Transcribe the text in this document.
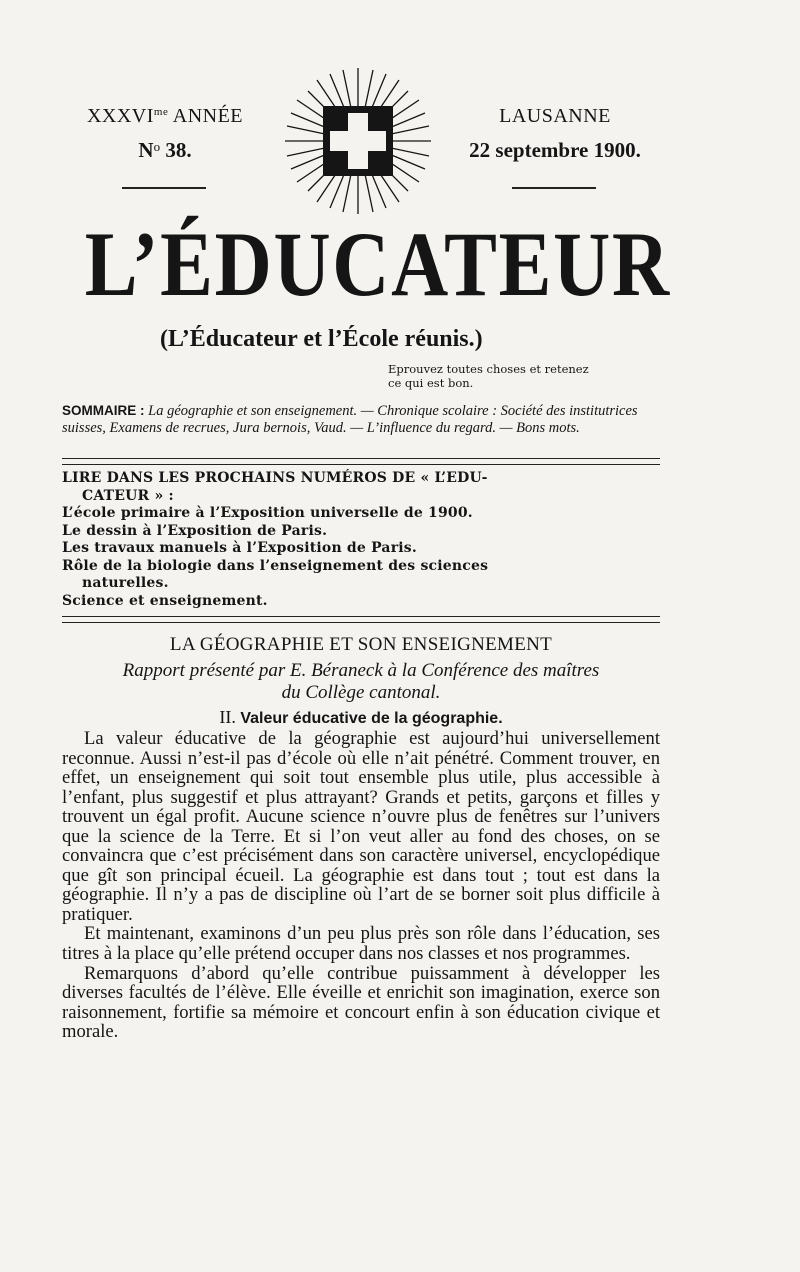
$XXXVI^{me}$ ANNÉE
$N^o$ 38.
LAUSANNE
22 septembre 1900.
L’ÉDUCATEUR
(L’Éducateur et l’École réunis.)
Eprouvez toutes choses et retenez
ce qui est bon.
SOMMAIRE : La géographie et son enseignement. — Chronique scolaire : Société des institutrices suisses, Examens de recrues, Jura bernois, Vaud. — L’influence du regard. — Bons mots.

LIRE DANS LES PROCHAINS NUMÉROS DE « L’EDU-

CATEUR » :

L’école primaire à l’Exposition universelle de 1900.

Le dessin à l’Exposition de Paris.

Les travaux manuels à l’Exposition de Paris.

Rôle de la biologie dans l’enseignement des sciences

naturelles.

Science et enseignement.

LA GÉOGRAPHIE ET SON ENSEIGNEMENT
Rapport présenté par E. Béraneck à la Conférence des maîtres
du Collège cantonal.
II. Valeur éducative de la géographie.

La valeur éducative de la géographie est aujourd’hui universellement reconnue. Aussi n’est-il pas d’école où elle n’ait pénétré. Comment trouver, en effet, un enseignement qui soit tout ensemble plus utile, plus accessible à l’enfant, plus suggestif et plus attrayant? Grands et petits, garçons et filles y trouvent un égal profit. Aucune science n’ouvre plus de fenêtres sur l’univers que la science de la Terre. Et si l’on veut aller au fond des choses, on se convaincra que c’est précisément dans son caractère universel, encyclopédique que gît son principal écueil. La géographie est dans tout ; tout est dans la géographie. Il n’y a pas de discipline où l’art de se borner soit plus difficile à pratiquer.

Et maintenant, examinons d’un peu plus près son rôle dans l’éducation, ses titres à la place qu’elle prétend occuper dans nos classes et nos programmes.

Remarquons d’abord qu’elle contribue puissamment à développer les diverses facultés de l’élève. Elle éveille et enrichit son imagination, exerce son raisonnement, fortifie sa mémoire et concourt enfin à son éducation civique et morale.
